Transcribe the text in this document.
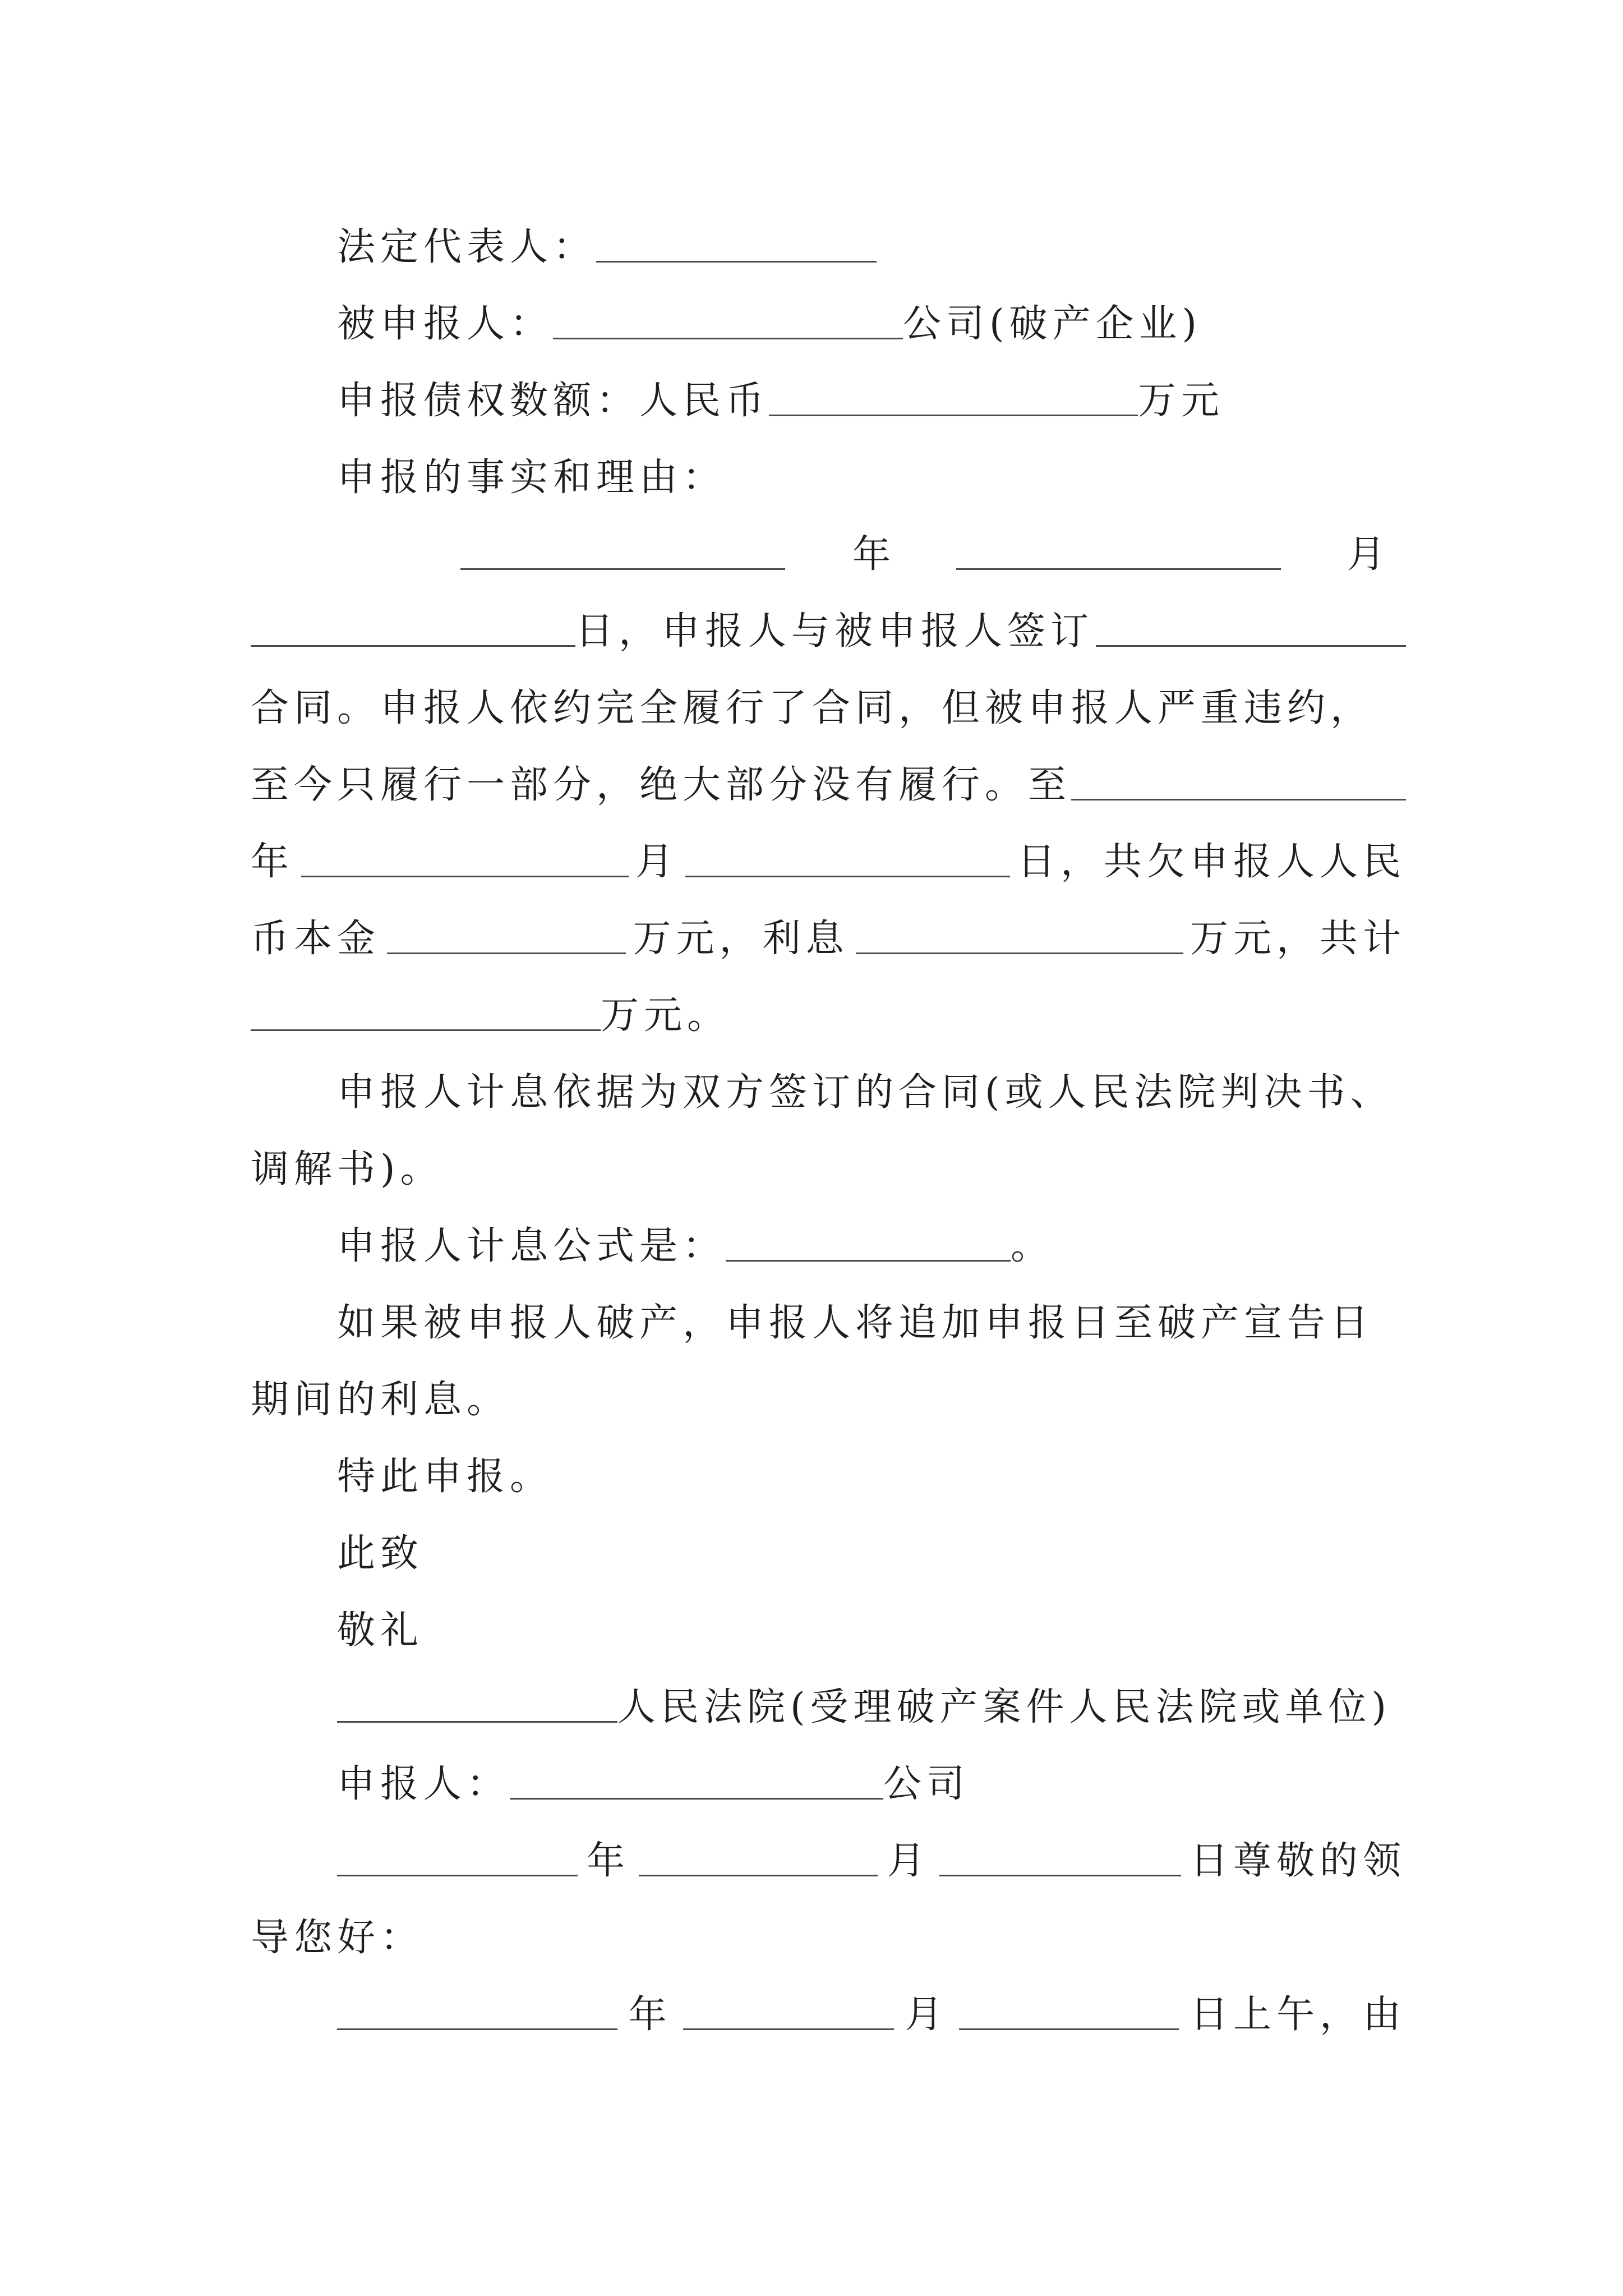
法定代表人：
被申报人：	公司(破产企业)
申报债权数额：人民币	万元
申报的事实和理由：
年	月
日，申报人与被申报人签订
合同。申报人依约完全履行了合同，但被申报人严重违约，
至今只履行一部分，绝大部分没有履行。至
年	月	日，共欠申报人人民
币本金	万元，利息	万元，共计
万元。
申报人计息依据为双方签订的合同(或人民法院判决书、
调解书)。
申报人计息公式是：	。
如果被申报人破产，申报人将追加申报日至破产宣告日
期间的利息。
特此申报。
此致
敬礼
人民法院(受理破产案件人民法院或单位)
申报人：	公司
年	月	日尊敬的领
导您好：
年	月	日上午，由
